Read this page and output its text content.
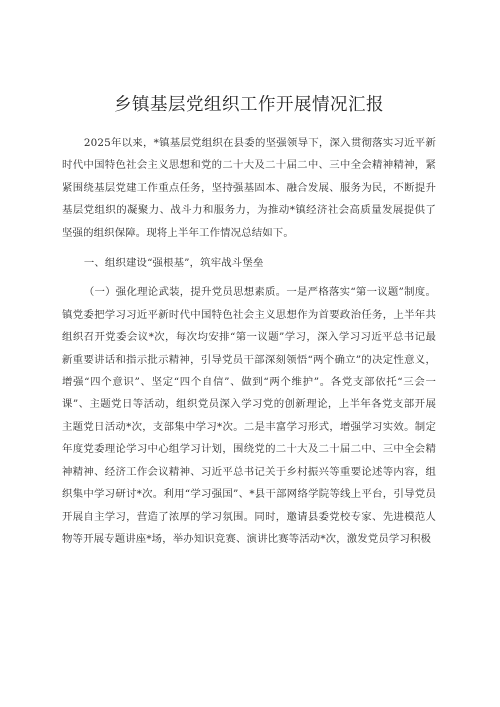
乡镇基层党组织工作开展情况汇报

2025年以来，*镇基层党组织在县委的坚强领导下，深入贯彻落实习近平新时代中国特色社会主义思想和党的二十大及二十届二中、三中全会精神精神，紧紧围绕基层党建工作重点任务，坚持强基固本、融合发展、服务为民，不断提升基层党组织的凝聚力、战斗力和服务力，为推动*镇经济社会高质量发展提供了坚强的组织保障。现将上半年工作情况总结如下。

一、组织建设“强根基”，筑牢战斗堡垒

（一）强化理论武装，提升党员思想素质。一是严格落实“第一议题”制度。镇党委把学习习近平新时代中国特色社会主义思想作为首要政治任务，上半年共组织召开党委会议*次，每次均安排“第一议题”学习，深入学习习近平总书记最新重要讲话和指示批示精神，引导党员干部深刻领悟“两个确立”的决定性意义，增强“四个意识”、坚定“四个自信”、做到“两个维护”。各党支部依托“三会一课”、主题党日等活动，组织党员深入学习党的创新理论，上半年各党支部开展主题党日活动*次，支部集中学习*次。二是丰富学习形式，增强学习实效。制定年度党委理论学习中心组学习计划，围绕党的二十大及二十届二中、三中全会精神精神、经济工作会议精神、习近平总书记关于乡村振兴等重要论述等内容，组织集中学习研讨*次。利用“学习强国”、*县干部网络学院等线上平台，引导党员开展自主学习，营造了浓厚的学习氛围。同时，邀请县委党校专家、先进模范人物等开展专题讲座*场，举办知识竞赛、演讲比赛等活动*次，激发党员学习积极
